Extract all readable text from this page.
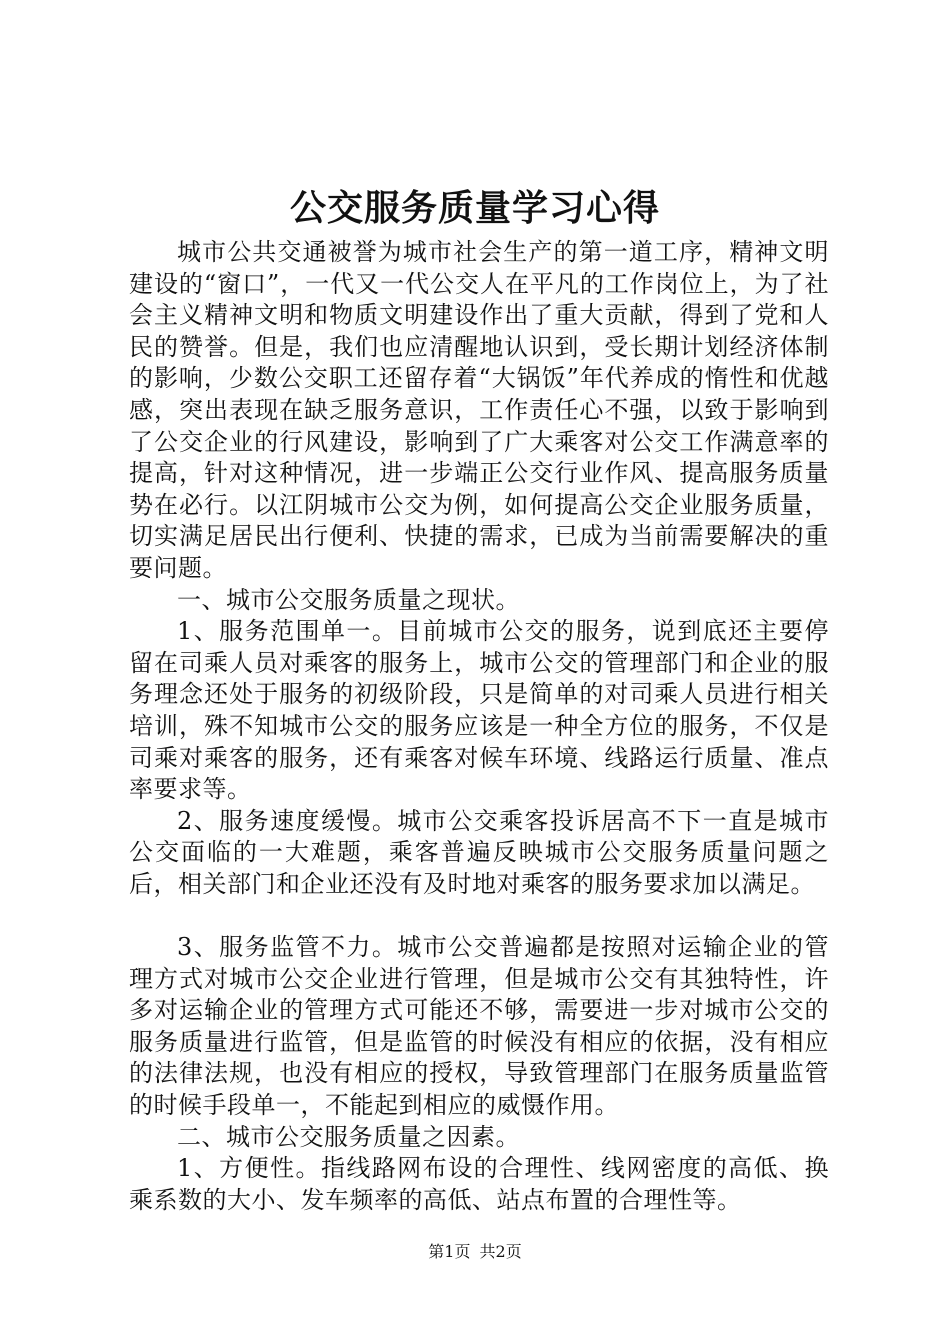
公交服务质量学习心得

城市公共交通被誉为城市社会生产的第一道工序，精神文明建设的“窗口”，一代又一代公交人在平凡的工作岗位上，为了社会主义精神文明和物质文明建设作出了重大贡献，得到了党和人民的赞誉。但是，我们也应清醒地认识到，受长期计划经济体制的影响，少数公交职工还留存着“大锅饭”年代养成的惰性和优越感，突出表现在缺乏服务意识，工作责任心不强，以致于影响到了公交企业的行风建设，影响到了广大乘客对公交工作满意率的提高，针对这种情况，进一步端正公交行业作风、提高服务质量势在必行。以江阴城市公交为例，如何提高公交企业服务质量，切实满足居民出行便利、快捷的需求，已成为当前需要解决的重要问题。

一、城市公交服务质量之现状。

1、服务范围单一。目前城市公交的服务，说到底还主要停留在司乘人员对乘客的服务上，城市公交的管理部门和企业的服务理念还处于服务的初级阶段，只是简单的对司乘人员进行相关培训，殊不知城市公交的服务应该是一种全方位的服务，不仅是司乘对乘客的服务，还有乘客对候车环境、线路运行质量、准点率要求等。

2、服务速度缓慢。城市公交乘客投诉居高不下一直是城市公交面临的一大难题，乘客普遍反映城市公交服务质量问题之后，相关部门和企业还没有及时地对乘客的服务要求加以满足。

3、服务监管不力。城市公交普遍都是按照对运输企业的管理方式对城市公交企业进行管理，但是城市公交有其独特性，许多对运输企业的管理方式可能还不够，需要进一步对城市公交的服务质量进行监管，但是监管的时候没有相应的依据，没有相应的法律法规，也没有相应的授权，导致管理部门在服务质量监管的时候手段单一，不能起到相应的威慑作用。

二、城市公交服务质量之因素。

1、方便性。指线路网布设的合理性、线网密度的高低、换乘系数的大小、发车频率的高低、站点布置的合理性等。

第1页 共2页
